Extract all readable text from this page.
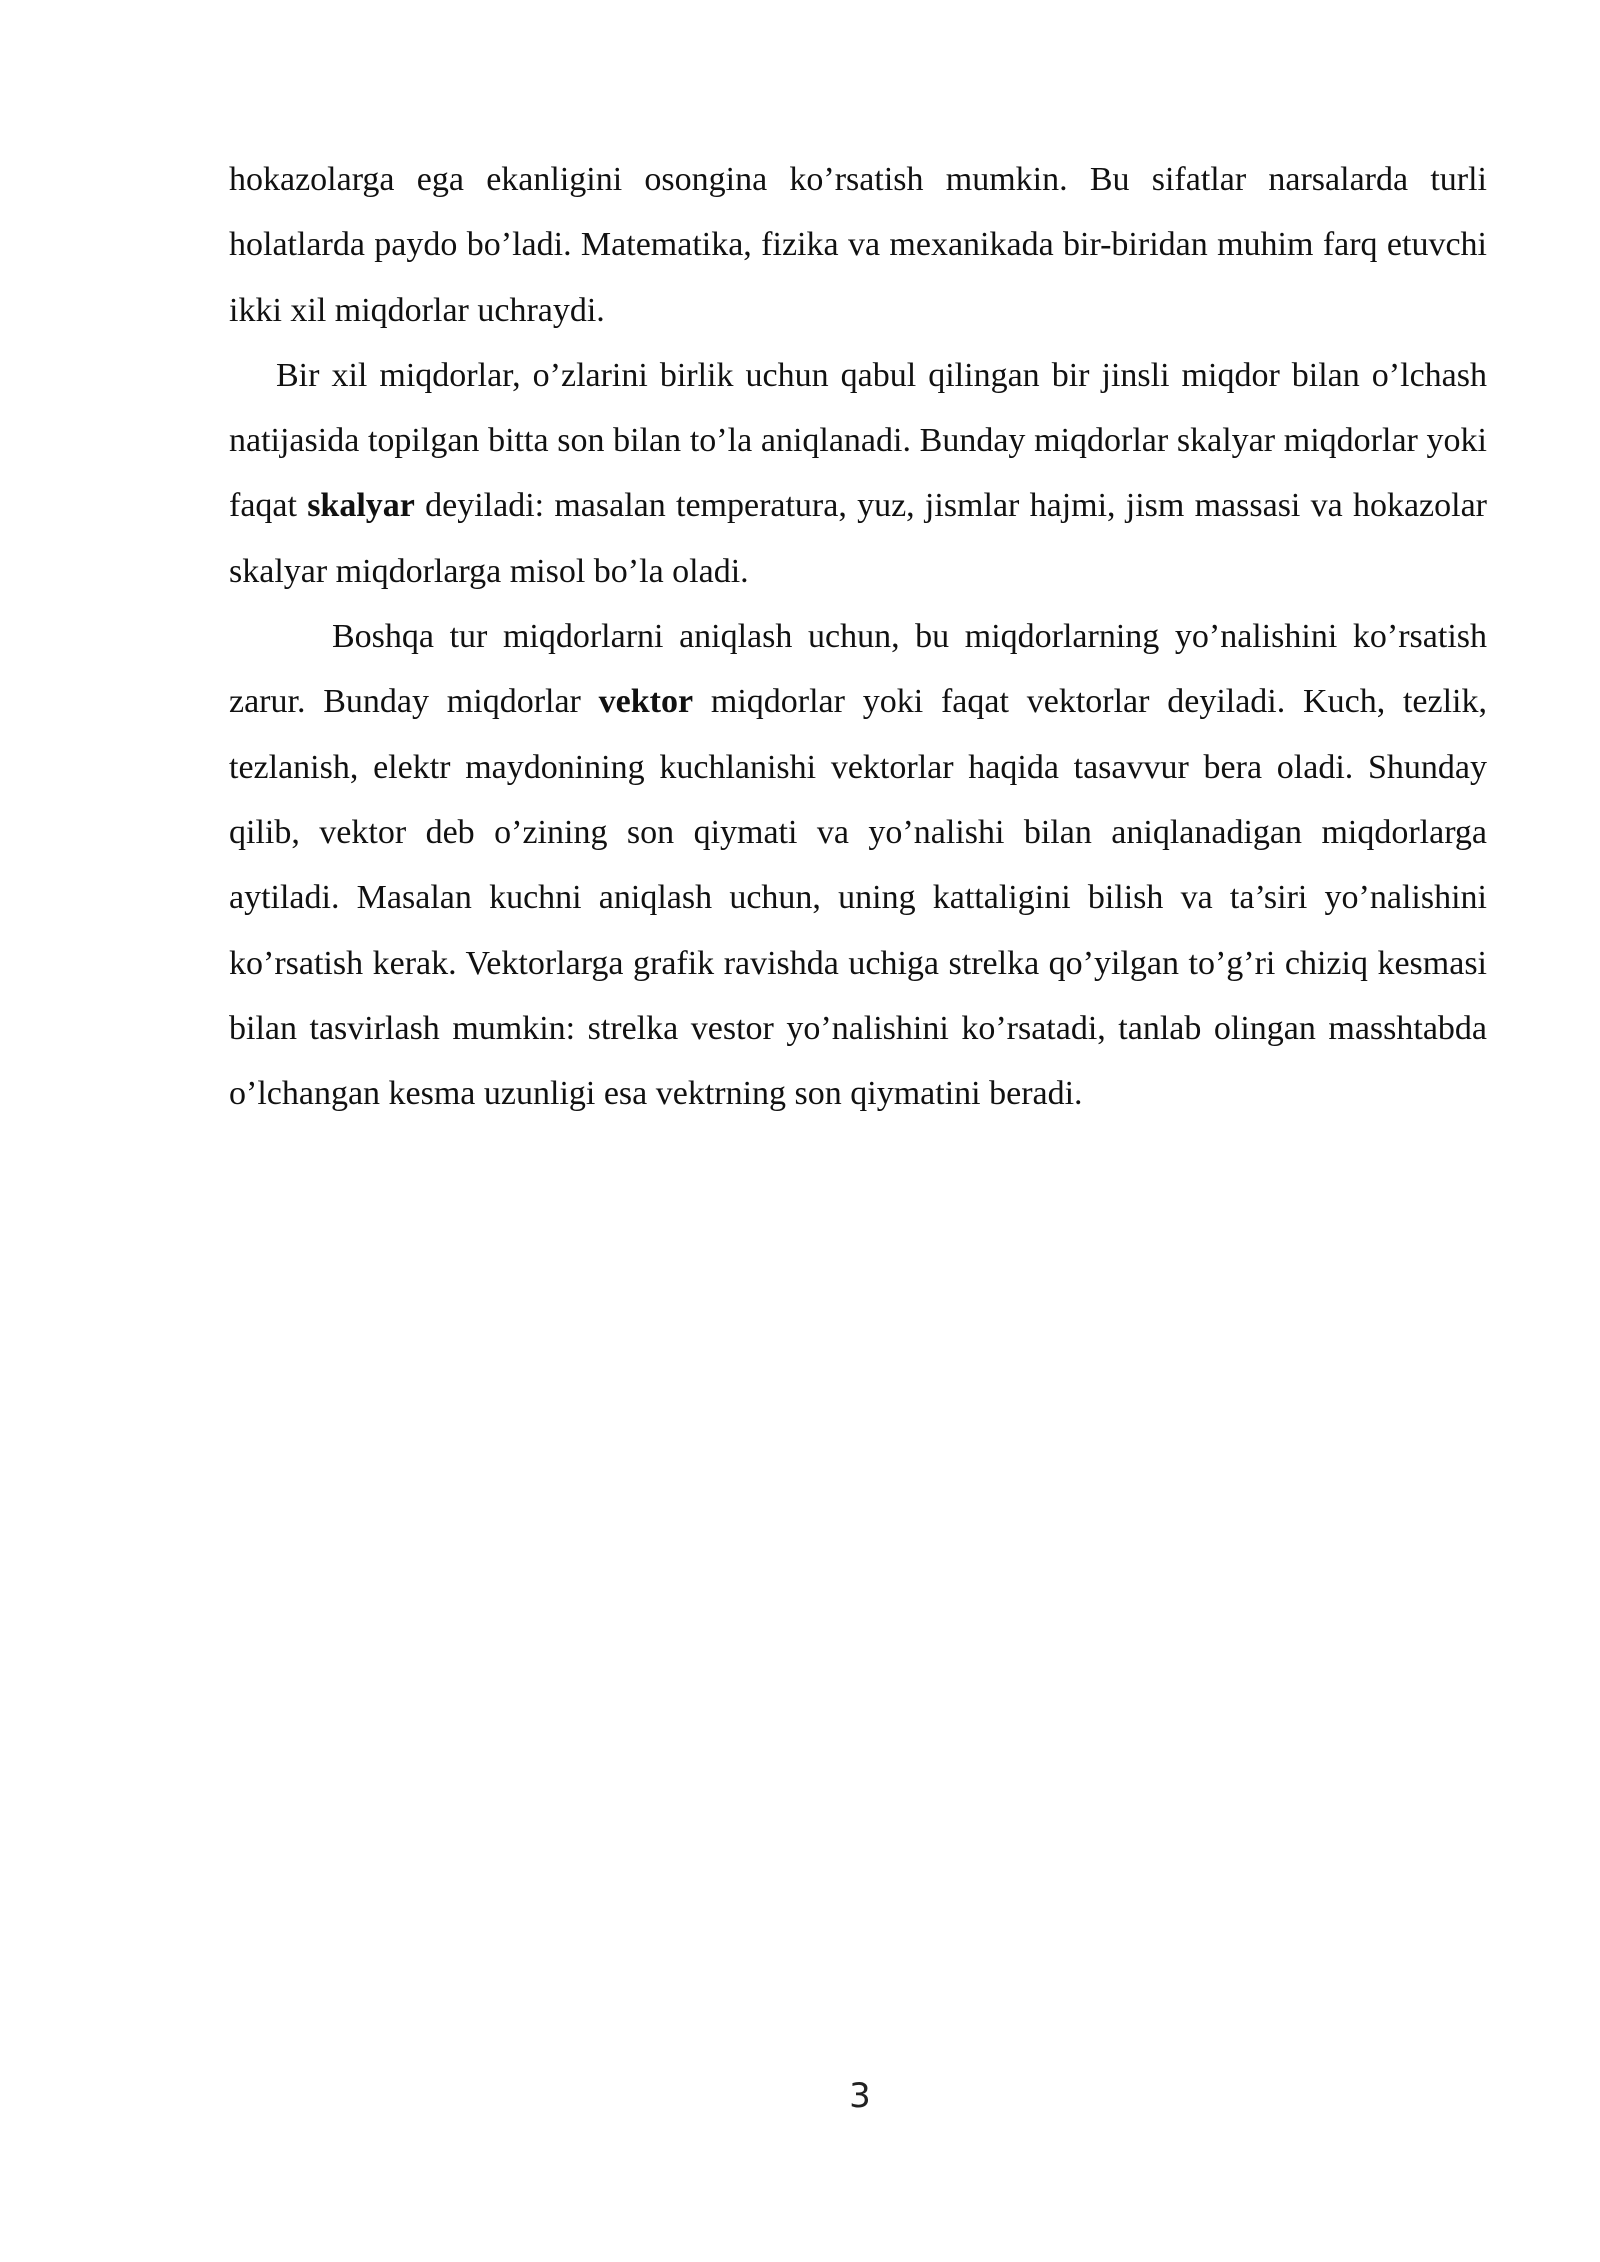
hokazolarga ega ekanligini osongina ko’rsatish mumkin. Bu sifatlar narsalarda turli holatlarda paydo bo’ladi. Matematika, fizika va mexanikada bir-biridan muhim farq etuvchi ikki xil miqdorlar uchraydi.

Bir xil miqdorlar, o’zlarini birlik uchun qabul qilingan bir jinsli miqdor bilan o’lchash natijasida topilgan bitta son bilan to’la aniqlanadi. Bunday miqdorlar skalyar miqdorlar yoki faqat skalyar deyiladi: masalan temperatura, yuz, jismlar hajmi, jism massasi va hokazolar skalyar miqdorlarga misol bo’la oladi.

Boshqa tur miqdorlarni aniqlash uchun, bu miqdorlarning yo’nalishini ko’rsatish zarur. Bunday miqdorlar vektor miqdorlar yoki faqat vektorlar deyiladi. Kuch, tezlik, tezlanish, elektr maydonining kuchlanishi vektorlar haqida tasavvur bera oladi. Shunday qilib, vektor deb o’zining son qiymati va yo’nalishi bilan aniqlanadigan miqdorlarga aytiladi. Masalan kuchni aniqlash uchun, uning kattaligini bilish va ta’siri yo’nalishini ko’rsatish kerak. Vektorlarga grafik ravishda uchiga strelka qo’yilgan to’g’ri chiziq kesmasi bilan tasvirlash mumkin: strelka vestor yo’nalishini ko’rsatadi, tanlab olingan masshtabda o’lchangan kesma uzunligi esa vektrning son qiymatini beradi.

3
